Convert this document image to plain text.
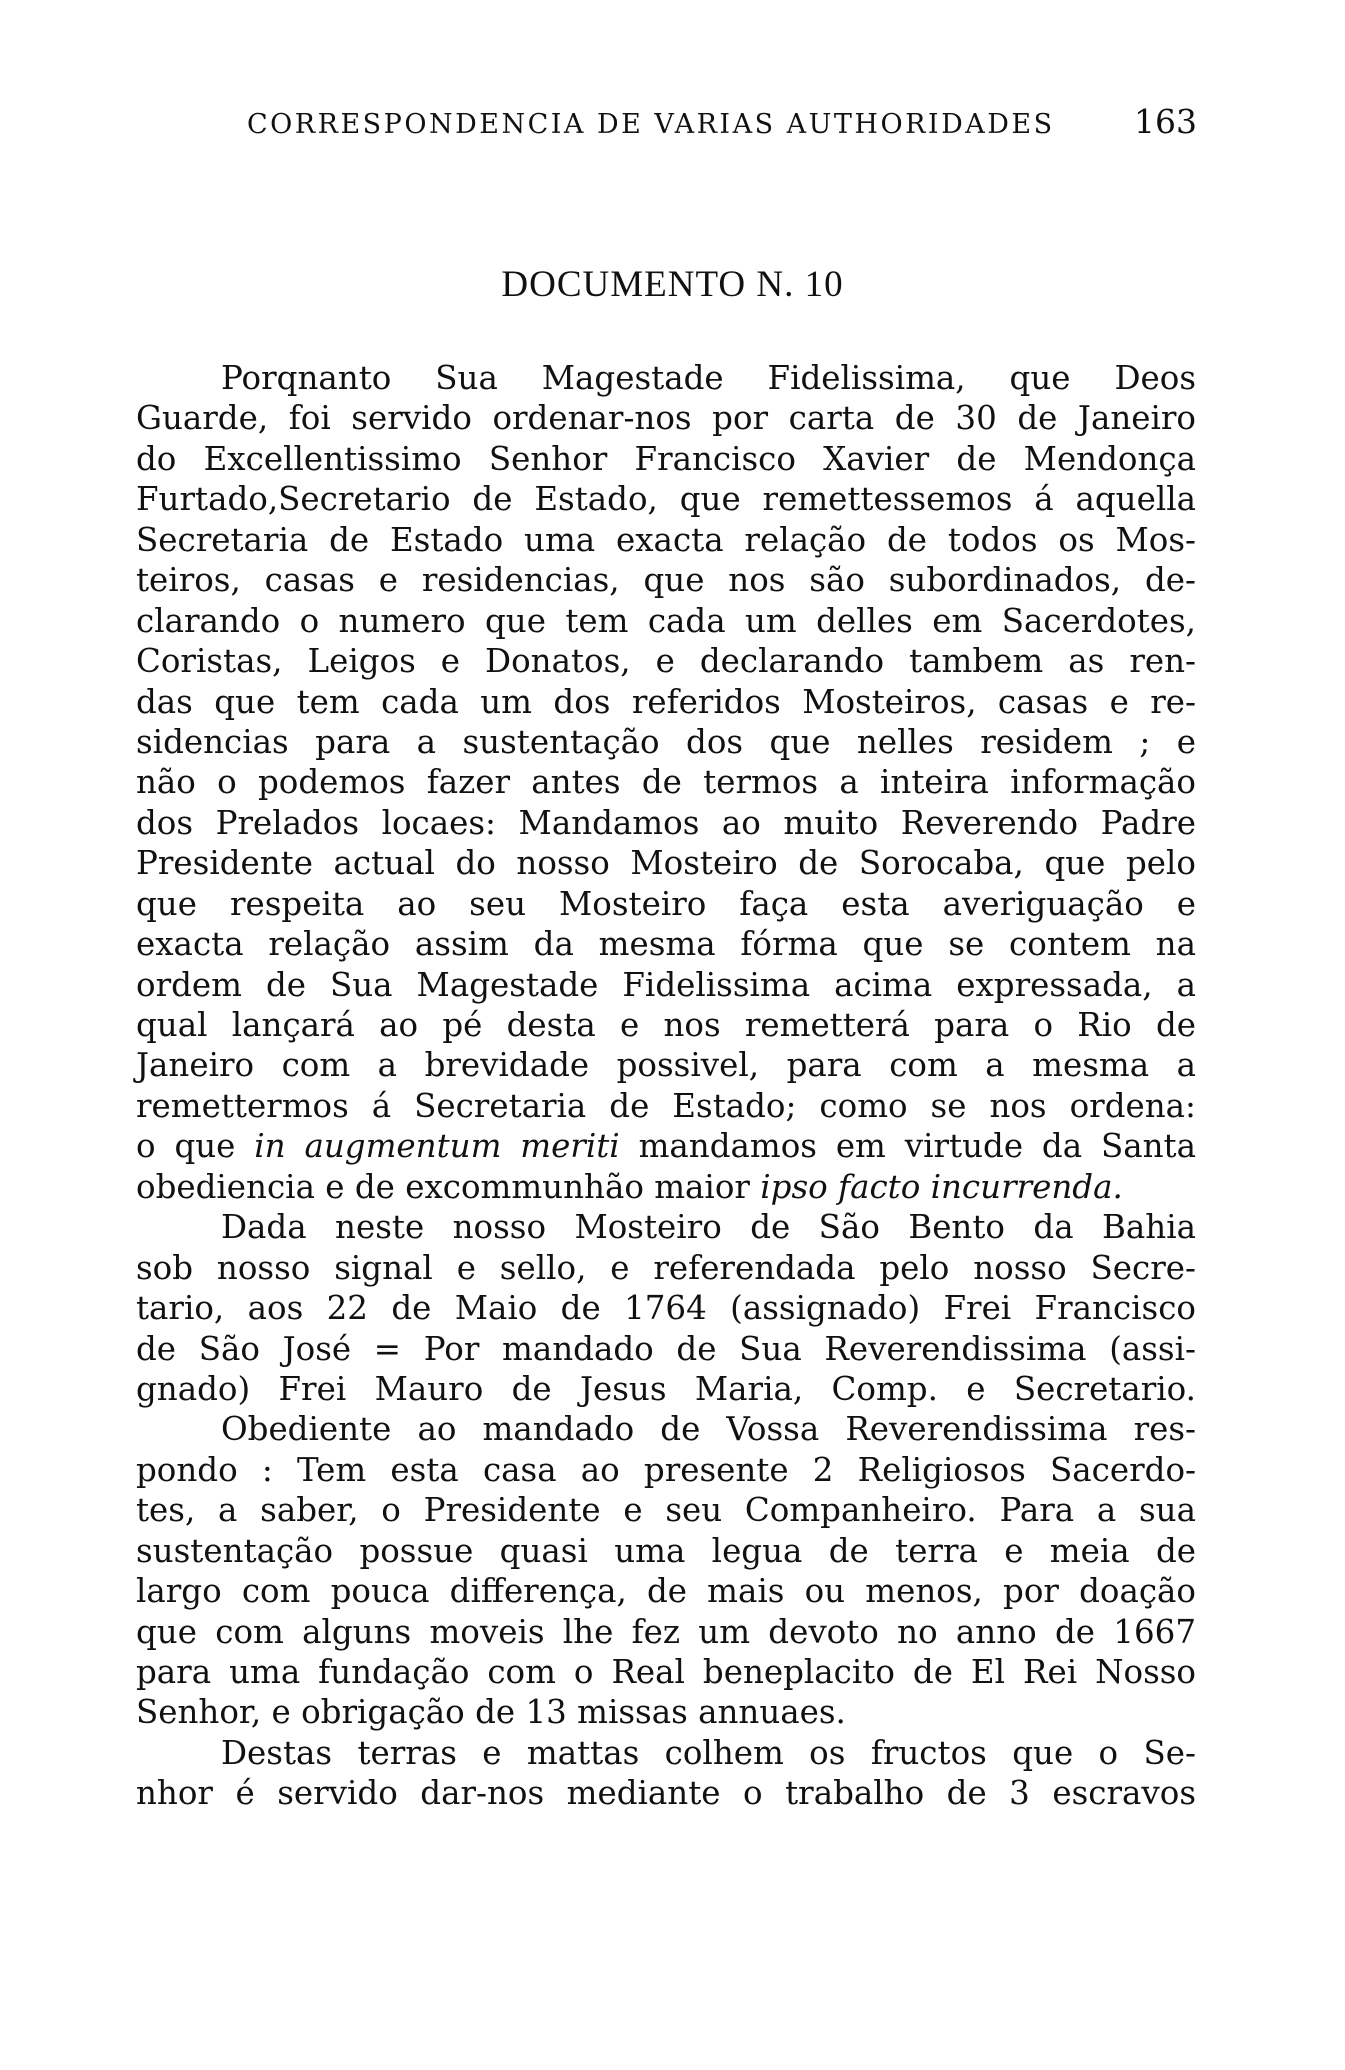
CORRESPONDENCIA DE VARIAS AUTHORIDADES 163
DOCUMENTO N. 10
Porqnanto Sua Magestade Fidelissima, que Deos
Guarde, foi servido ordenar-nos por carta de 30 de Janeiro
do Excellentissimo Senhor Francisco Xavier de Mendonça
Furtado,Secretario de Estado, que remettessemos á aquella
Secretaria de Estado uma exacta relação de todos os Mos-
teiros, casas e residencias, que nos são subordinados, de-
clarando o numero que tem cada um delles em Sacerdotes,
Coristas, Leigos e Donatos, e declarando tambem as ren-
das que tem cada um dos referidos Mosteiros, casas e re-
sidencias para a sustentação dos que nelles residem ; e
não o podemos fazer antes de termos a inteira informação
dos Prelados locaes: Mandamos ao muito Reverendo Padre
Presidente actual do nosso Mosteiro de Sorocaba, que pelo
que respeita ao seu Mosteiro faça esta averiguação e
exacta relação assim da mesma fórma que se contem na
ordem de Sua Magestade Fidelissima acima expressada, a
qual lançará ao pé desta e nos remetterá para o Rio de
Janeiro com a brevidade possivel, para com a mesma a
remettermos á Secretaria de Estado; como se nos ordena:
o que in augmentum meriti mandamos em virtude da Santa
obediencia e de excommunhão maior ipso facto incurrenda.
Dada neste nosso Mosteiro de São Bento da Bahia
sob nosso signal e sello, e referendada pelo nosso Secre-
tario, aos 22 de Maio de 1764 (assignado) Frei Francisco
de São José = Por mandado de Sua Reverendissima (assi-
gnado) Frei Mauro de Jesus Maria, Comp. e Secretario.
Obediente ao mandado de Vossa Reverendissima res-
pondo : Tem esta casa ao presente 2 Religiosos Sacerdo-
tes, a saber, o Presidente e seu Companheiro. Para a sua
sustentação possue quasi uma legua de terra e meia de
largo com pouca differença, de mais ou menos, por doação
que com alguns moveis lhe fez um devoto no anno de 1667
para uma fundação com o Real beneplacito de El Rei Nosso
Senhor, e obrigação de 13 missas annuaes.
Destas terras e mattas colhem os fructos que o Se-
nhor é servido dar-nos mediante o trabalho de 3 escravos
